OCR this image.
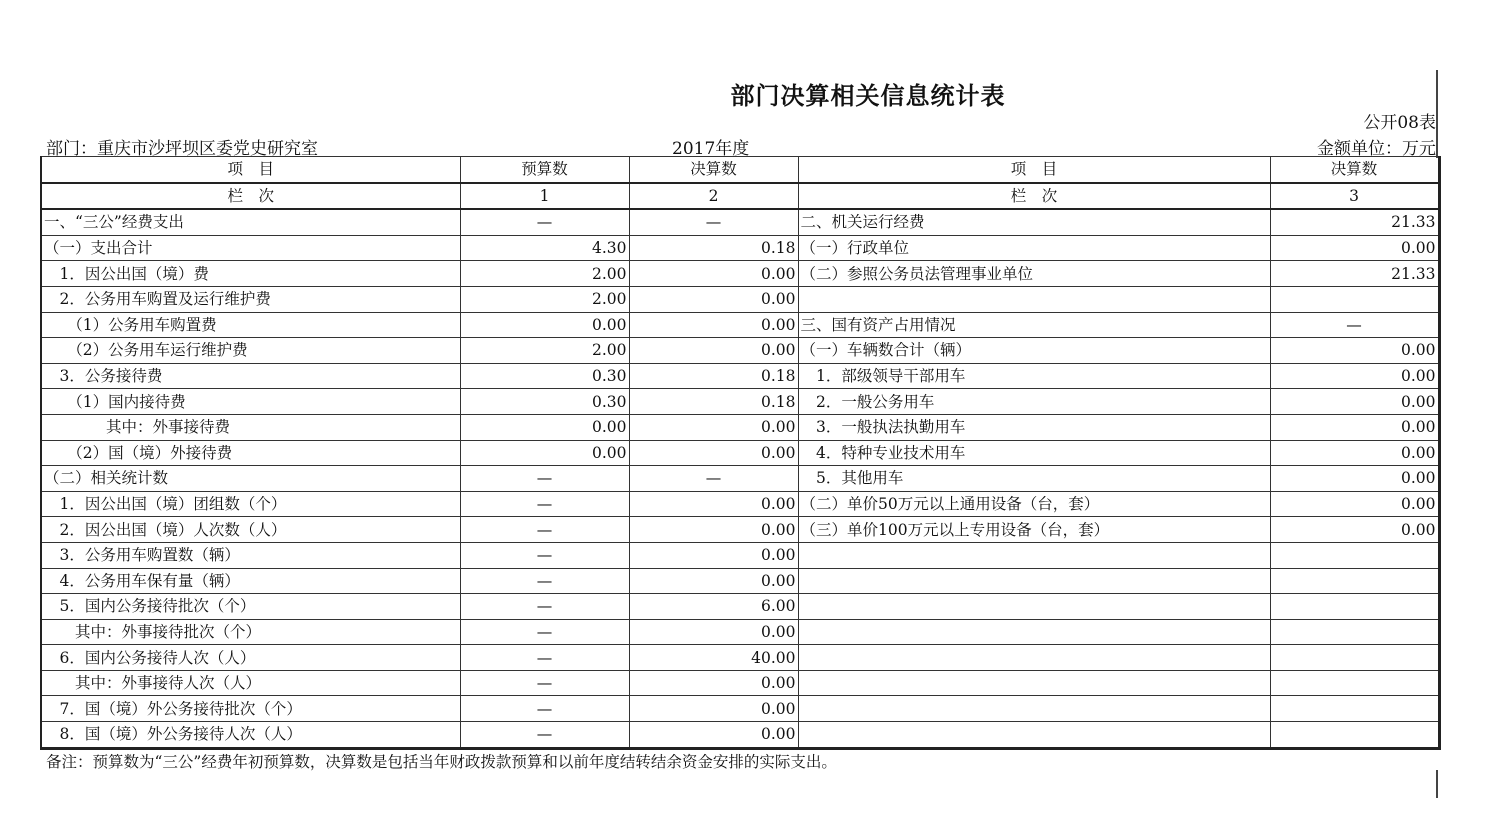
部门决算相关信息统计表
公开08表
部门：重庆市沙坪坝区委党史研究室	2017年度	金额单位：万元
项　目	预算数	决算数	项　目	决算数
栏　次	1	2	栏　次	3
一、“三公”经费支出	—	—	二、机关运行经费	21.33
（一）支出合计	4.30	0.18	（一）行政单位	0.00
　1．因公出国（境）费	2.00	0.00	（二）参照公务员法管理事业单位	21.33
　2．公务用车购置及运行维护费	2.00	0.00		
　　（1）公务用车购置费	0.00	0.00	三、国有资产占用情况	—
　　（2）公务用车运行维护费	2.00	0.00	（一）车辆数合计（辆）	0.00
　3．公务接待费	0.30	0.18	　1．部级领导干部用车	0.00
　　（1）国内接待费	0.30	0.18	　2．一般公务用车	0.00
　　　　其中：外事接待费	0.00	0.00	　3．一般执法执勤用车	0.00
　　（2）国（境）外接待费	0.00	0.00	　4．特种专业技术用车	0.00
（二）相关统计数	—	—	　5．其他用车	0.00
　1．因公出国（境）团组数（个）	—	0.00	（二）单价50万元以上通用设备（台，套）	0.00
　2．因公出国（境）人次数（人）	—	0.00	（三）单价100万元以上专用设备（台，套）	0.00
　3．公务用车购置数（辆）	—	0.00		
　4．公务用车保有量（辆）	—	0.00		
　5．国内公务接待批次（个）	—	6.00		
　　其中：外事接待批次（个）	—	0.00		
　6．国内公务接待人次（人）	—	40.00		
　　其中：外事接待人次（人）	—	0.00		
　7．国（境）外公务接待批次（个）	—	0.00		
　8．国（境）外公务接待人次（人）	—	0.00		
备注：预算数为“三公”经费年初预算数，决算数是包括当年财政拨款预算和以前年度结转结余资金安排的实际支出。
